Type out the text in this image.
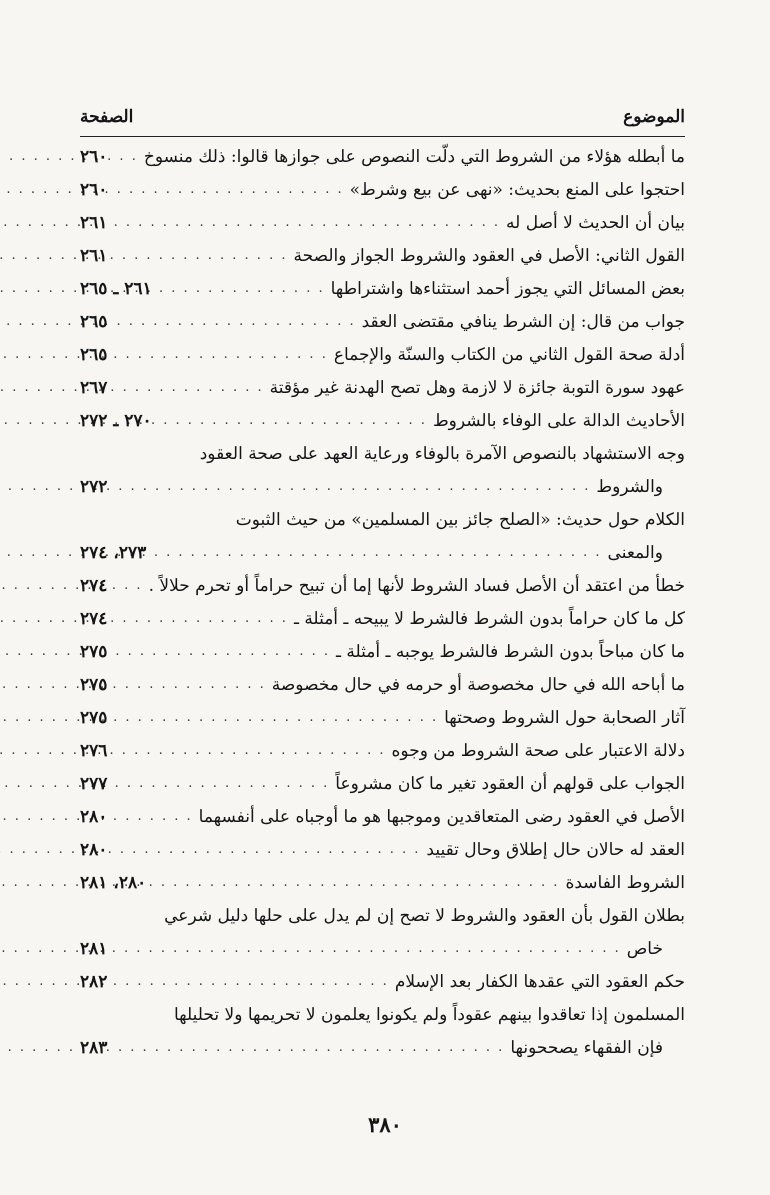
الصفحة	الموضوع
ما أبطله هؤلاء من الشروط التي دلّت النصوص على جوازها قالوا: ذلك منسوخ
. . .
٢٦٠
احتجوا على المنع بحديث: «نهى عن بيع وشرط»
. . .
٢٦٠
بيان أن الحديث لا أصل له
. . .
٢٦١
القول الثاني: الأصل في العقود والشروط الجواز والصحة
. . .
٢٦١
بعض المسائل التي يجوز أحمد استثناءها واشتراطها
. . .
٢٦١ ـ ٢٦٥
جواب من قال: إن الشرط ينافي مقتضى العقد
. . .
٢٦٥
أدلة صحة القول الثاني من الكتاب والسنّة والإجماع
. . .
٢٦٥
عهود سورة التوبة جائزة لا لازمة وهل تصح الهدنة غير مؤقتة
. . .
٢٦٧
الأحاديث الدالة على الوفاء بالشروط
. . .
٢٧٠ ـ ٢٧٢
وجه الاستشهاد بالنصوص الآمرة بالوفاء ورعاية العهد على صحة العقود
والشروط
. . .
٢٧٢
الكلام حول حديث: «الصلح جائز بين المسلمين» من حيث الثبوت
والمعنى
. . .
٢٧٣، ٢٧٤
خطأ من اعتقد أن الأصل فساد الشروط لأنها إما أن تبيح حراماً أو تحرم حلالاً .
. . .
٢٧٤
كل ما كان حراماً بدون الشرط فالشرط لا يبيحه ـ أمثلة ـ
. . .
٢٧٤
ما كان مباحاً بدون الشرط فالشرط يوجبه ـ أمثلة ـ
. . .
٢٧٥
ما أباحه الله في حال مخصوصة أو حرمه في حال مخصوصة
. . .
٢٧٥
آثار الصحابة حول الشروط وصحتها
. . .
٢٧٥
دلالة الاعتبار على صحة الشروط من وجوه
. . .
٢٧٦
الجواب على قولهم أن العقود تغير ما كان مشروعاً
. . .
٢٧٧
الأصل في العقود رضى المتعاقدين وموجبها هو ما أوجباه على أنفسهما
. . .
٢٨٠
العقد له حالان حال إطلاق وحال تقييد
. . .
٢٨٠
الشروط الفاسدة
. . .
٢٨٠، ٢٨١
بطلان القول بأن العقود والشروط لا تصح إن لم يدل على حلها دليل شرعي
خاص
. . .
٢٨١
حكم العقود التي عقدها الكفار بعد الإسلام
. . .
٢٨٢
المسلمون إذا تعاقدوا بينهم عقوداً ولم يكونوا يعلمون لا تحريمها ولا تحليلها
فإن الفقهاء يصححونها
. . .
٢٨٣
٣٨٠
